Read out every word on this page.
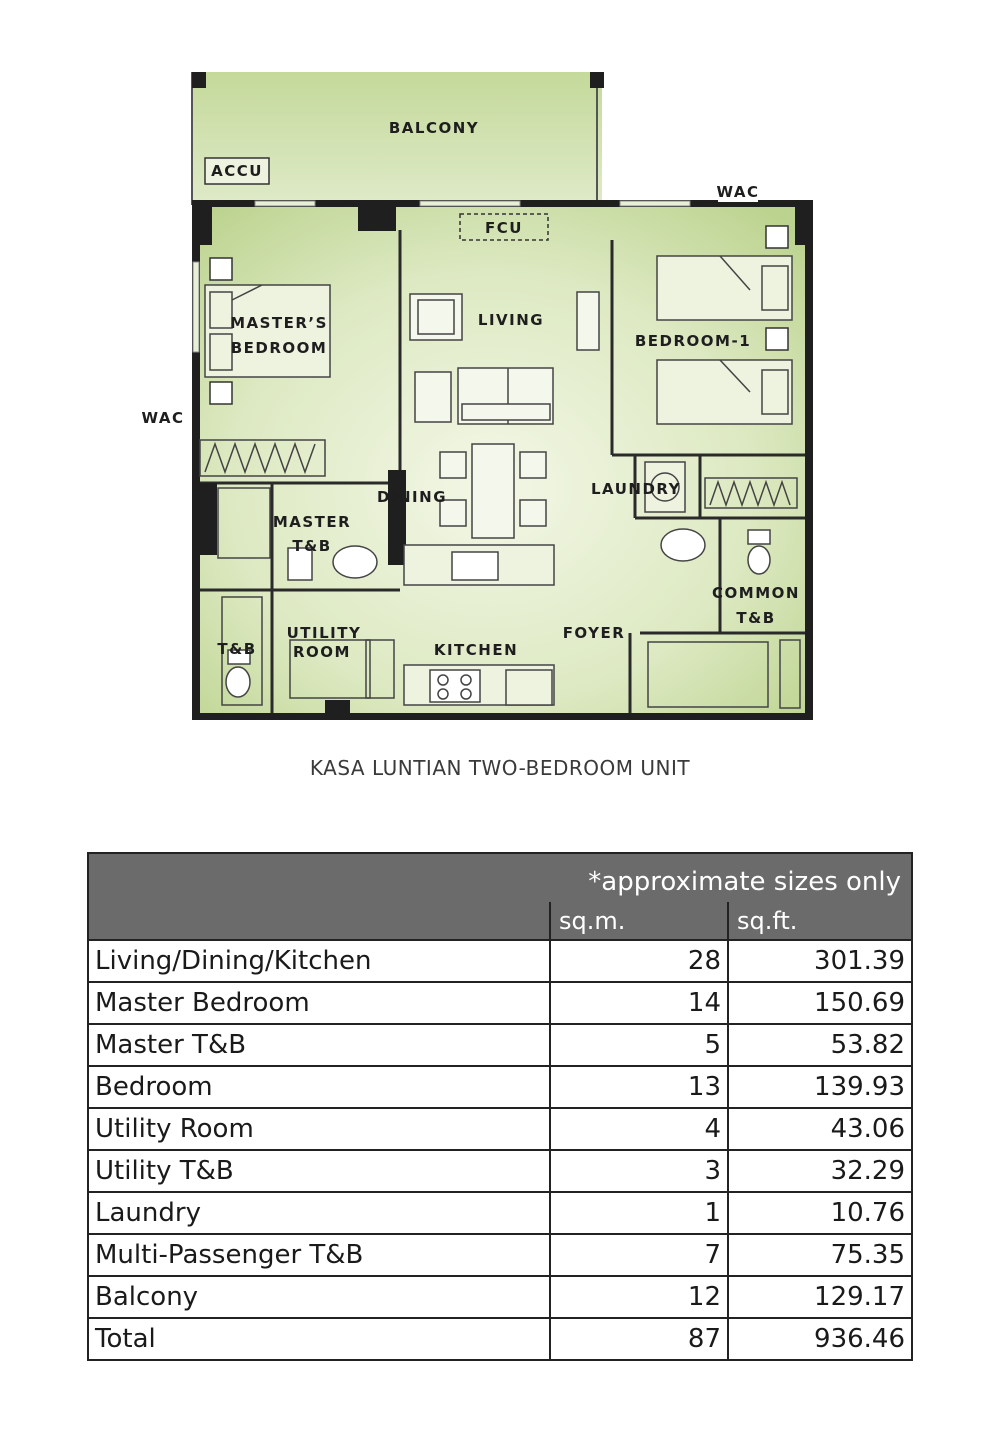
BALCONY
ACCU
WAC
WAC
FCU
LIVING
MASTER’S
BEDROOM	BEDROOM-1
DINING	LAUNDRY
MASTER
T&B
T&B
UTILITY
ROOM	KITCHEN
FOYER
COMMON
T&B
KASA LUNTIAN TWO-BEDROOM UNIT
*approximate sizes only		
	sq.m.	sq.ft.
Living/Dining/Kitchen	28	301.39
Master Bedroom	14	150.69
Master T&B	5	53.82
Bedroom	13	139.93
Utility Room	4	43.06
Utility T&B	3	32.29
Laundry	1	10.76
Multi-Passenger T&B	7	75.35
Balcony	12	129.17
Total	87	936.46
